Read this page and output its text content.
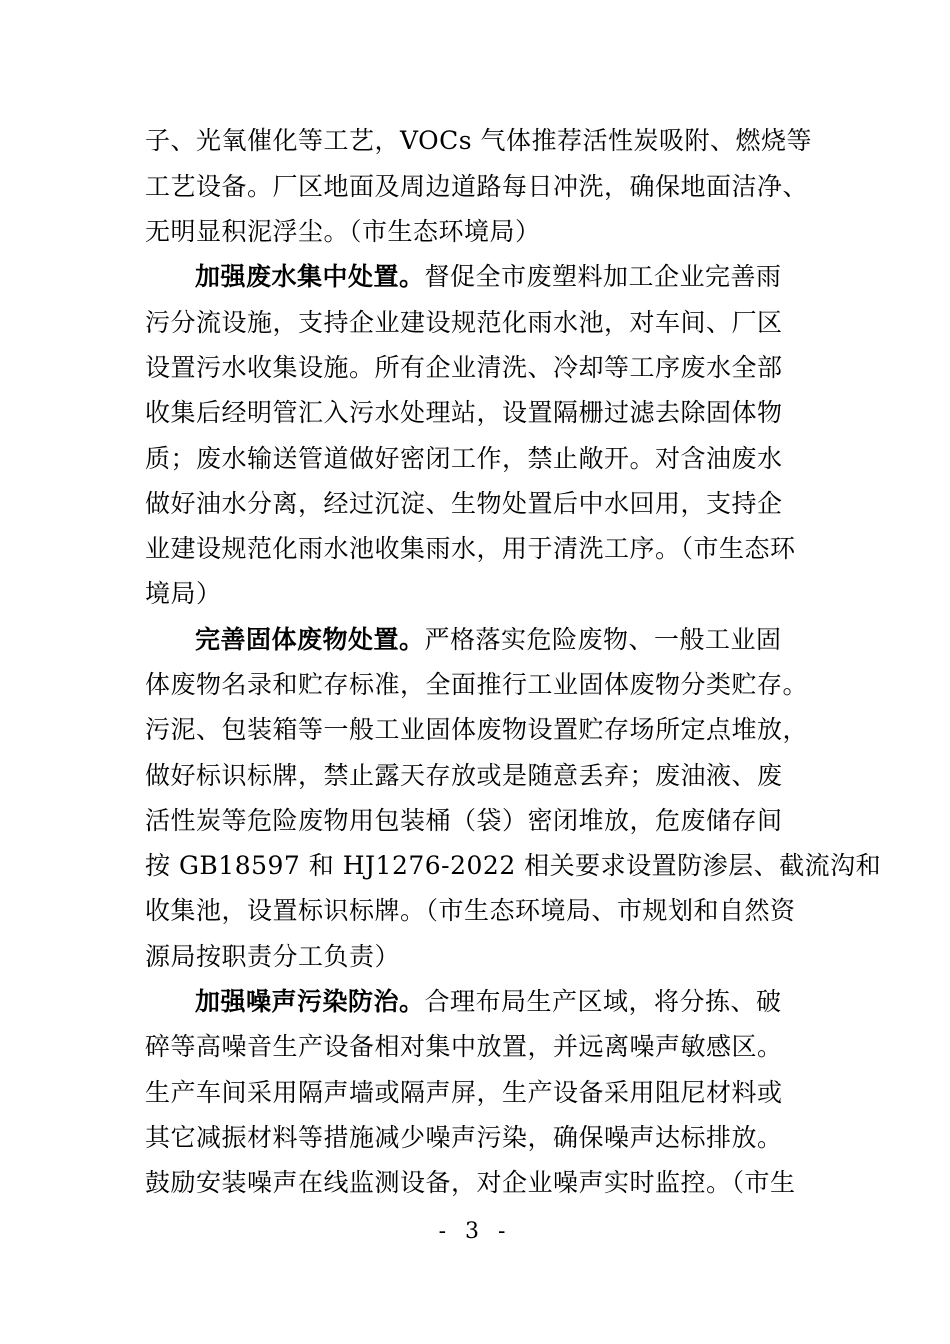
子、光氧催化等工艺，VOCs 气体推荐活性炭吸附、燃烧等
工艺设备。厂区地面及周边道路每日冲洗，确保地面洁净、
无明显积泥浮尘。（市生态环境局）
加强废水集中处置。督促全市废塑料加工企业完善雨
污分流设施，支持企业建设规范化雨水池，对车间、厂区
设置污水收集设施。所有企业清洗、冷却等工序废水全部
收集后经明管汇入污水处理站，设置隔栅过滤去除固体物
质；废水输送管道做好密闭工作，禁止敞开。对含油废水
做好油水分离，经过沉淀、生物处置后中水回用，支持企
业建设规范化雨水池收集雨水，用于清洗工序。（市生态环
境局）
完善固体废物处置。严格落实危险废物、一般工业固
体废物名录和贮存标准，全面推行工业固体废物分类贮存。
污泥、包装箱等一般工业固体废物设置贮存场所定点堆放，
做好标识标牌，禁止露天存放或是随意丢弃；废油液、废
活性炭等危险废物用包装桶（袋）密闭堆放，危废储存间
按 GB18597 和 HJ1276-2022 相关要求设置防渗层、截流沟和
收集池，设置标识标牌。（市生态环境局、市规划和自然资
源局按职责分工负责）
加强噪声污染防治。合理布局生产区域，将分拣、破
碎等高噪音生产设备相对集中放置，并远离噪声敏感区。
生产车间采用隔声墙或隔声屏，生产设备采用阻尼材料或
其它减振材料等措施减少噪声污染，确保噪声达标排放。
鼓励安装噪声在线监测设备，对企业噪声实时监控。（市生
- 3 -
